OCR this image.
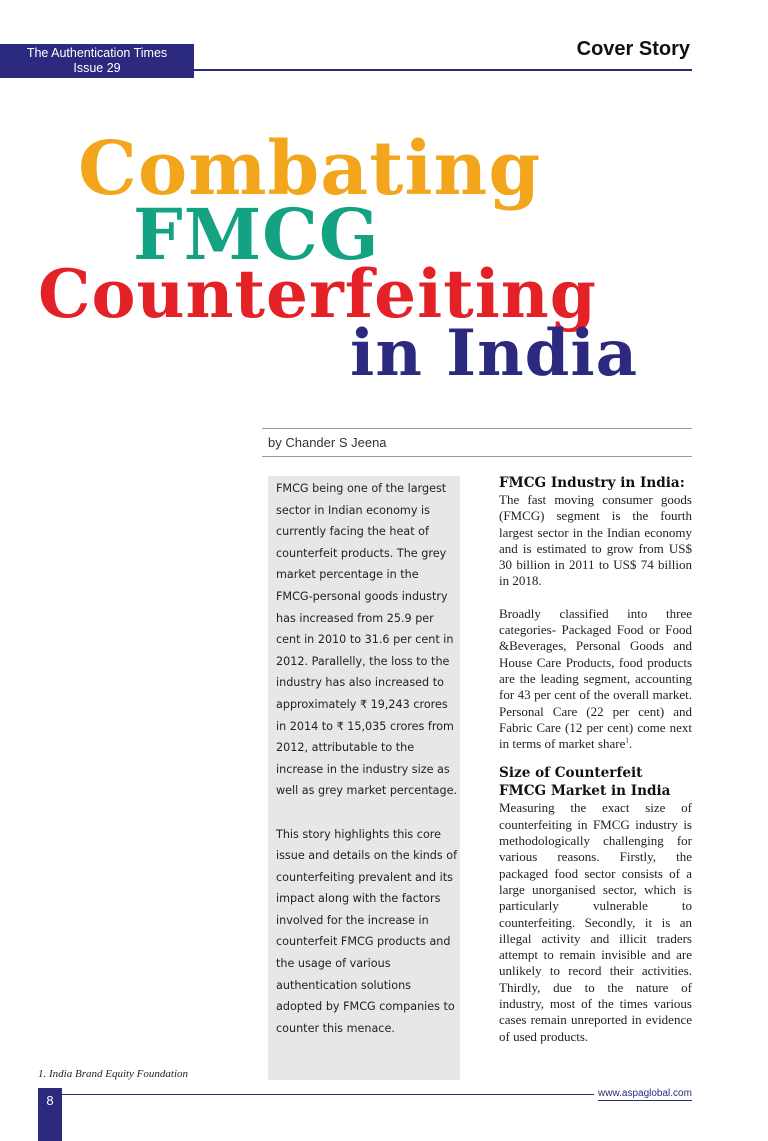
The Authentication Times
Issue 29
Cover Story
Combating
FMCG
Counterfeiting
in India
by Chander S Jeena

FMCG being one of the largest sector in Indian economy is currently facing the heat of counterfeit products. The grey market percentage in the FMCG-personal goods industry has increased from 25.9 per cent in 2010 to 31.6 per cent in 2012. Parallelly, the loss to the industry has also increased to approximately ₹ 19,243 crores in 2014 to ₹ 15,035 crores from 2012, attributable to the increase in the industry size as well as grey market percentage.

This story highlights this core issue and details on the kinds of counterfeiting prevalent and its impact along with the factors involved for the increase in counterfeit FMCG products and the usage of various authentication solutions adopted by FMCG companies to counter this menace.

FMCG Industry in India:

The fast moving consumer goods (FMCG) segment is the fourth largest sector in the Indian economy and is estimated to grow from US$ 30 billion in 2011 to US$ 74 billion in 2018.

Broadly classified into three categories- Packaged Food or Food &Beverages, Personal Goods and House Care Products, food products are the leading segment, accounting for 43 per cent of the overall market. Personal Care (22 per cent) and Fabric Care (12 per cent) come next in terms of market share$^1$.

Size of Counterfeit FMCG Market in India

Measuring the exact size of counterfeiting in FMCG industry is methodologically challenging for various reasons. Firstly, the packaged food sector consists of a large unorganised sector, which is particularly vulnerable to counterfeiting. Secondly, it is an illegal activity and illicit traders attempt to remain invisible and are unlikely to record their activities. Thirdly, due to the nature of industry, most of the times various cases remain unreported in evidence of used products.

1. India Brand Equity Foundation
8	www.aspaglobal.com
